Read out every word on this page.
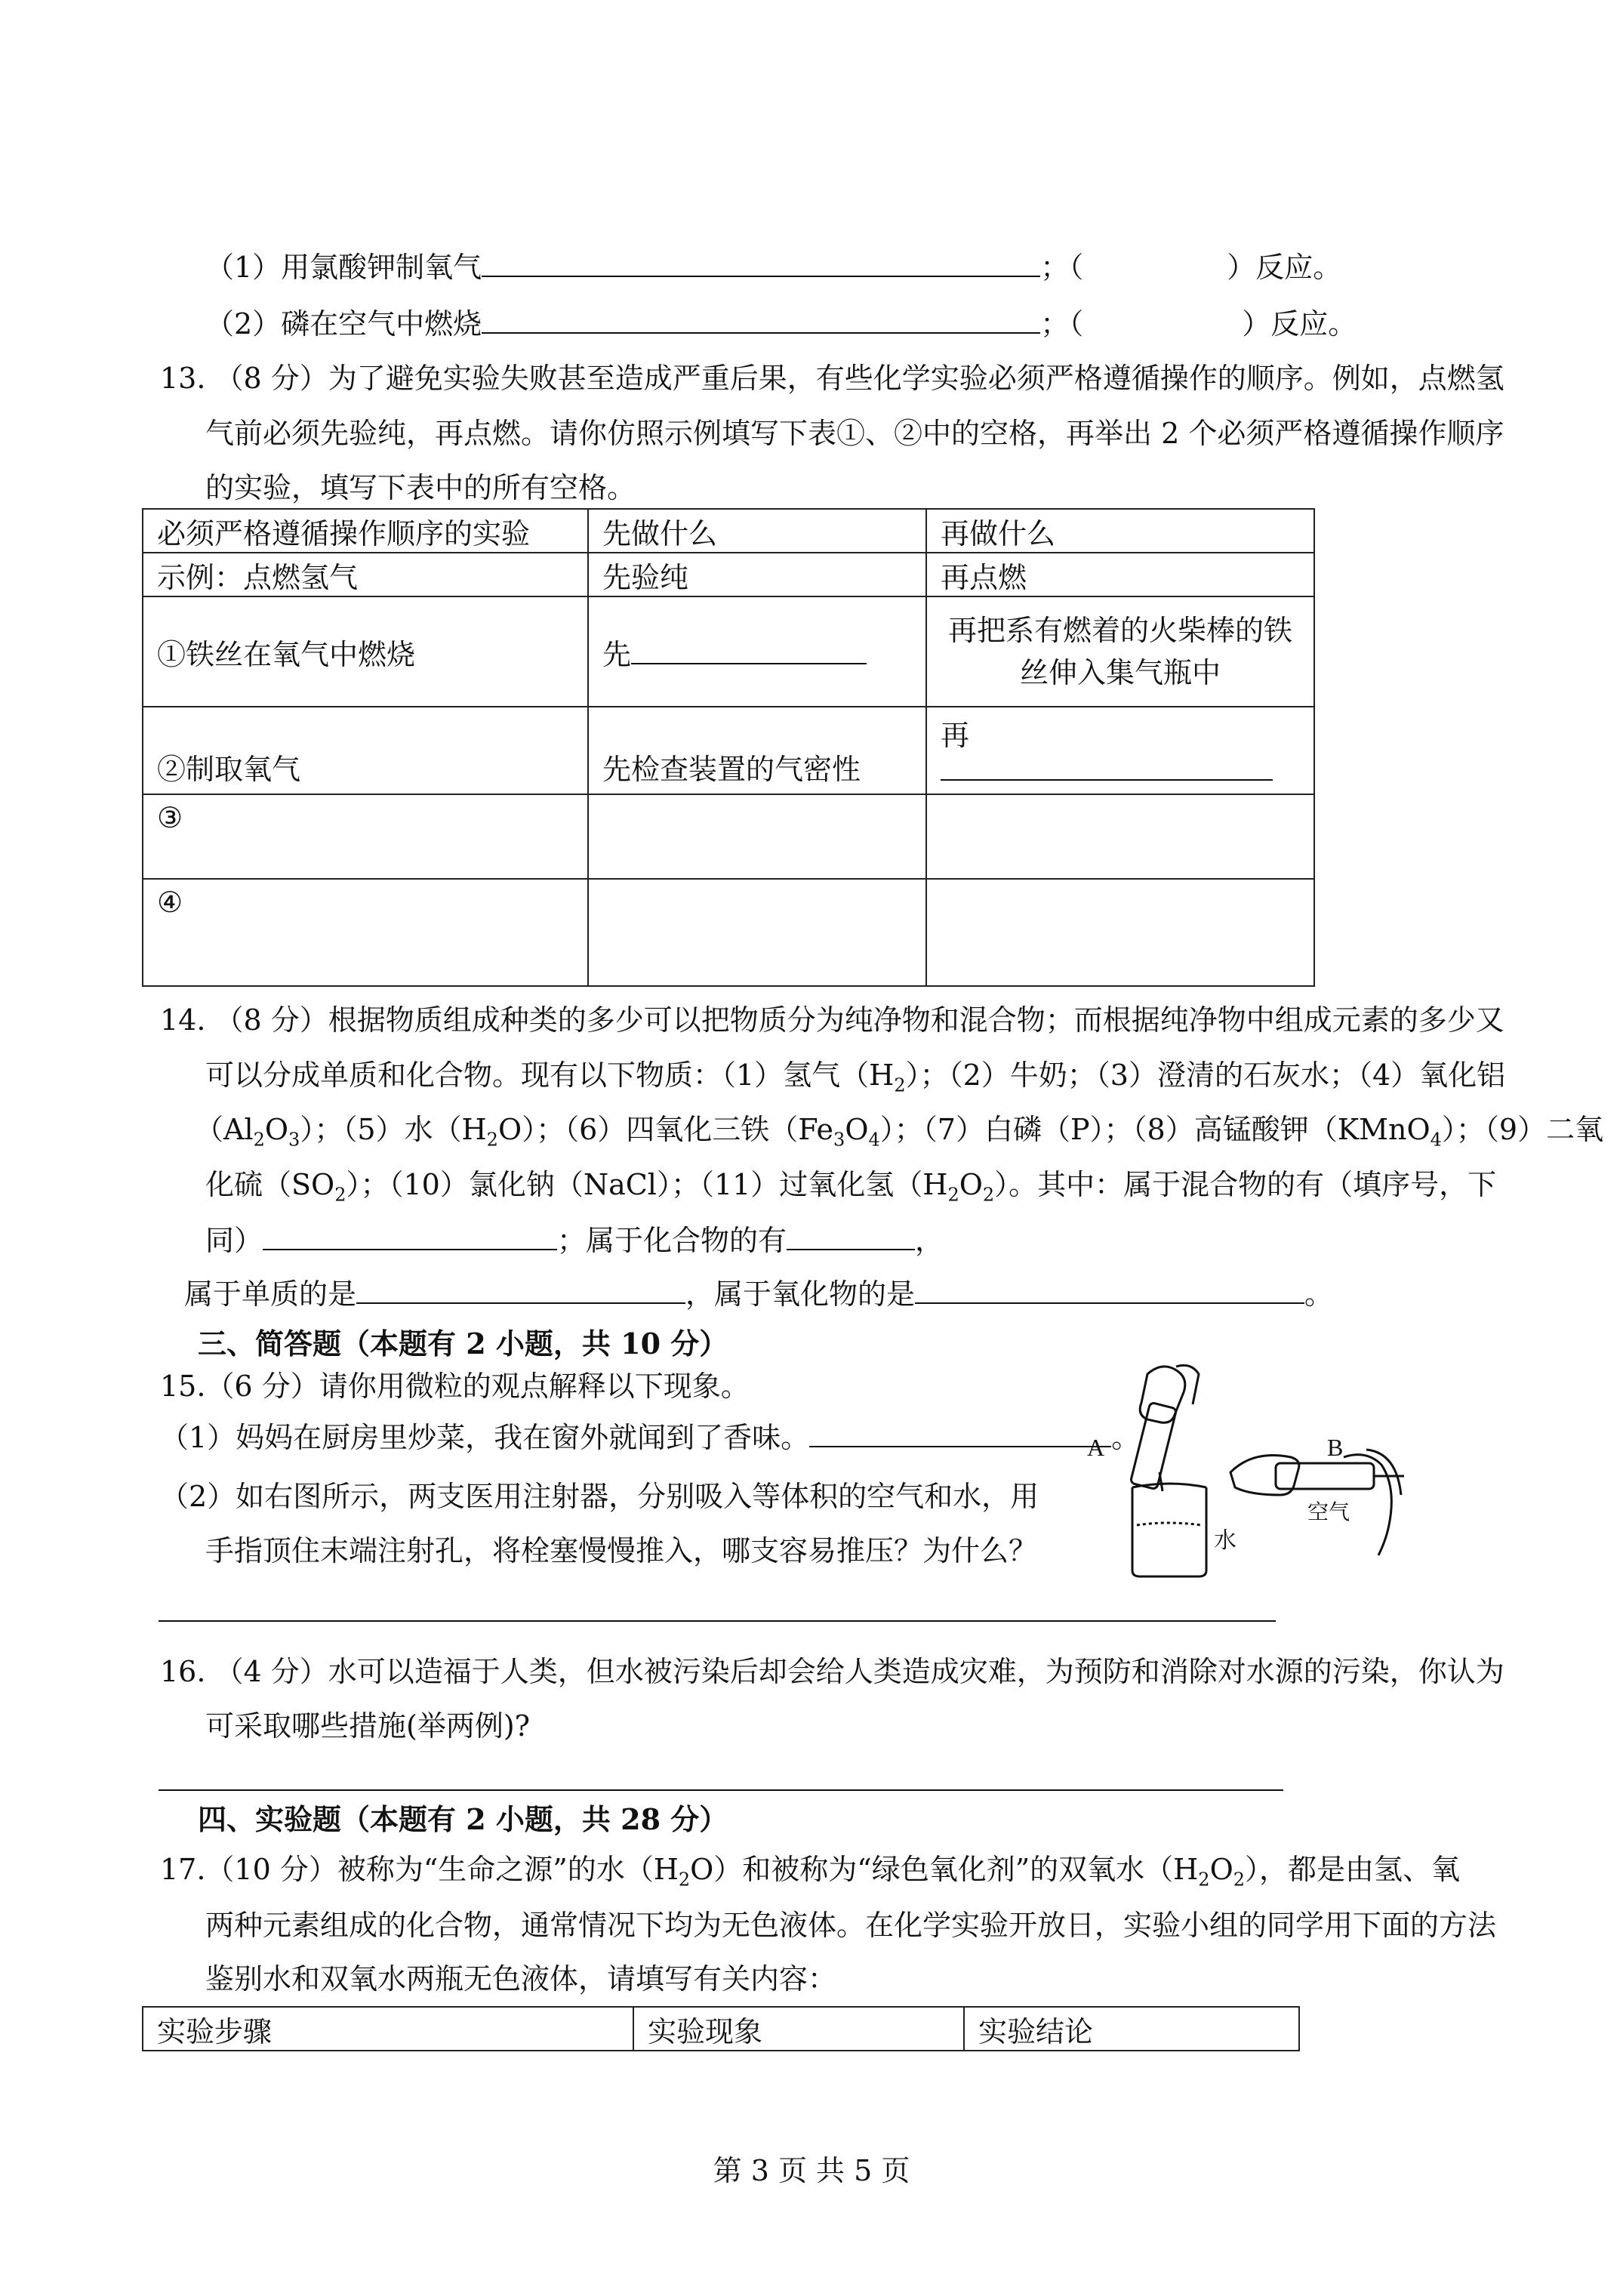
（1）用氯酸钾制氧气	；（	）反应。
（2）磷在空气中燃烧	；（	）反应。
13. （8 分）为了避免实验失败甚至造成严重后果，有些化学实验必须严格遵循操作的顺序。例如，点燃氢
气前必须先验纯，再点燃。请你仿照示例填写下表①、②中的空格，再举出 2 个必须严格遵循操作顺序
的实验，填写下表中的所有空格。
必须严格遵循操作顺序的实验	先做什么	再做什么
示例：点燃氢气	先验纯	再点燃
①铁丝在氧气中燃烧	先	再把系有燃着的火柴棒的铁
丝伸入集气瓶中

②制取氧气	先检查装置的气密性	再
③		
④		
14. （8 分）根据物质组成种类的多少可以把物质分为纯净物和混合物；而根据纯净物中组成元素的多少又
可以分成单质和化合物。现有以下物质：（1）氢气$(H_2)$；（2）牛奶；（3）澄清的石灰水；（4）氧化铝
$(Al_2O_3)$；（5）水$(H_2O)$；（6）四氧化三铁$(Fe_3O_4)$；（7）白磷（P）；（8）高锰酸钾（KMnO$_4$）；（9）二氧
化硫$(SO_2)$；（10）氯化钠（NaCl）；（11）过氧化氢$(H_2O_2)$。其中：属于混合物的有（填序号，下
同）	；属于化合物的有	，
属于单质的是	，属于氧化物的是	。
三、简答题（本题有 2 小题，共 10 分）
15.（6 分）请你用微粒的观点解释以下现象。
（1）妈妈在厨房里炒菜，我在窗外就闻到了香味。	。
（2）如右图所示，两支医用注射器，分别吸入等体积的空气和水，用
手指顶住末端注射孔，将栓塞慢慢推入，哪支容易推压？为什么？
A	B
水
空气
16. （4 分）水可以造福于人类，但水被污染后却会给人类造成灾难，为预防和消除对水源的污染，你认为
可采取哪些措施(举两例)?
四、实验题（本题有 2 小题，共 28 分）
17.（10 分）被称为“生命之源”的水$(H_2O)$和被称为“绿色氧化剂”的双氧水$(H_2O_2)$，都是由氢、氧
两种元素组成的化合物，通常情况下均为无色液体。在化学实验开放日，实验小组的同学用下面的方法
鉴别水和双氧水两瓶无色液体，请填写有关内容：
实验步骤	实验现象	实验结论
第 3 页 共 5 页
